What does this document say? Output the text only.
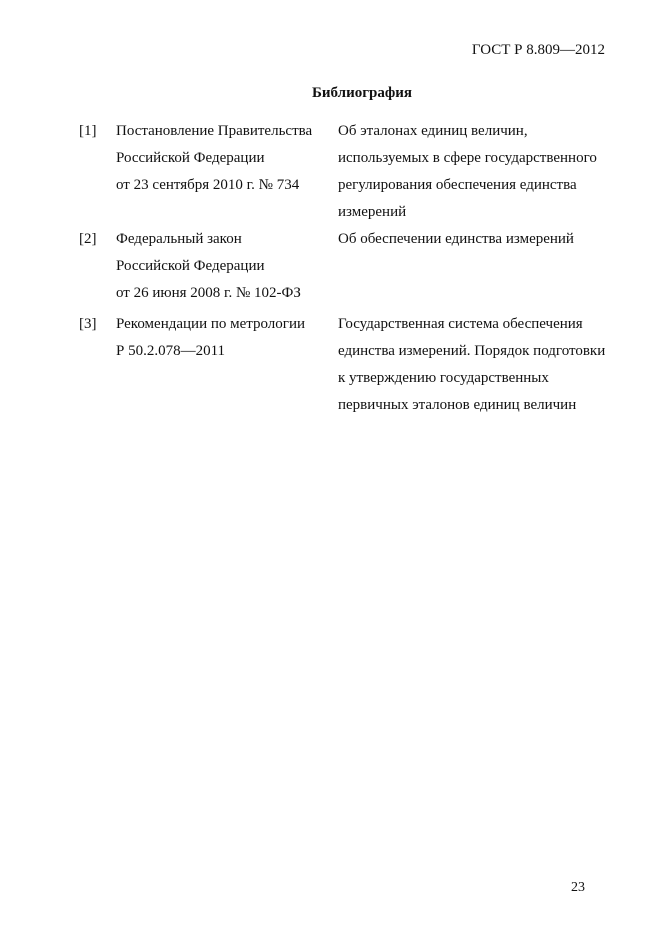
ГОСТ Р 8.809—2012
Библиография
[1] Постановление Правительства
Российской Федерации
от 23 сентября 2010 г. № 734
Об эталонах единиц величин,
используемых в сфере государственного
регулирования обеспечения единства
измерений
[2] Федеральный закон
Российской Федерации
от 26 июня 2008 г. № 102-ФЗ
Об обеспечении единства измерений
[3] Рекомендации по метрологии
Р 50.2.078—2011
Государственная система обеспечения
единства измерений. Порядок подготовки
к утверждению государственных
первичных эталонов единиц величин
23
